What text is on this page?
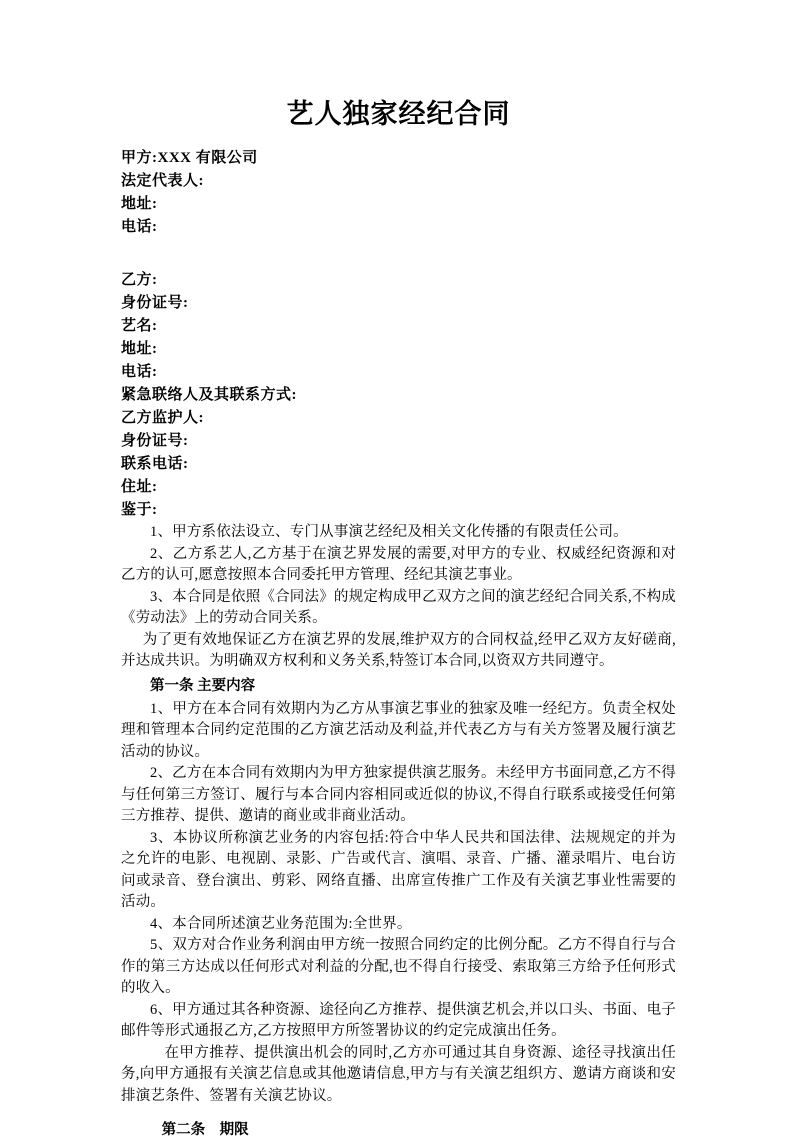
艺人独家经纪合同

甲方:XXX 有限公司

法定代表人:

地址:

电话:

乙方:

身份证号:

艺名:

地址:

电话:

紧急联络人及其联系方式:

乙方监护人:

身份证号:

联系电话:

住址:

鉴于:

1、甲方系依法设立、专门从事演艺经纪及相关文化传播的有限责任公司。

2、乙方系艺人,乙方基于在演艺界发展的需要,对甲方的专业、权威经纪资源和对乙方的认可,愿意按照本合同委托甲方管理、经纪其演艺事业。

3、本合同是依照《合同法》的规定构成甲乙双方之间的演艺经纪合同关系,不构成《劳动法》上的劳动合同关系。

为了更有效地保证乙方在演艺界的发展,维护双方的合同权益,经甲乙双方友好磋商,并达成共识。为明确双方权利和义务关系,特签订本合同,以资双方共同遵守。

第一条 主要内容

1、甲方在本合同有效期内为乙方从事演艺事业的独家及唯一经纪方。负责全权处理和管理本合同约定范围的乙方演艺活动及利益,并代表乙方与有关方签署及履行演艺活动的协议。

2、乙方在本合同有效期内为甲方独家提供演艺服务。未经甲方书面同意,乙方不得与任何第三方签订、履行与本合同内容相同或近似的协议,不得自行联系或接受任何第三方推荐、提供、邀请的商业或非商业活动。

3、本协议所称演艺业务的内容包括:符合中华人民共和国法律、法规规定的并为之允许的电影、电视剧、录影、广告或代言、演唱、录音、广播、灌录唱片、电台访问或录音、登台演出、剪彩、网络直播、出席宣传推广工作及有关演艺事业性需要的活动。

4、本合同所述演艺业务范围为:全世界。

5、双方对合作业务利润由甲方统一按照合同约定的比例分配。乙方不得自行与合作的第三方达成以任何形式对利益的分配,也不得自行接受、索取第三方给予任何形式的收入。

6、甲方通过其各种资源、途径向乙方推荐、提供演艺机会,并以口头、书面、电子邮件等形式通报乙方,乙方按照甲方所签署协议的约定完成演出任务。

在甲方推荐、提供演出机会的同时,乙方亦可通过其自身资源、途径寻找演出任务,向甲方通报有关演艺信息或其他邀请信息,甲方与有关演艺组织方、邀请方商谈和安排演艺条件、签署有关演艺协议。

第二条　期限
